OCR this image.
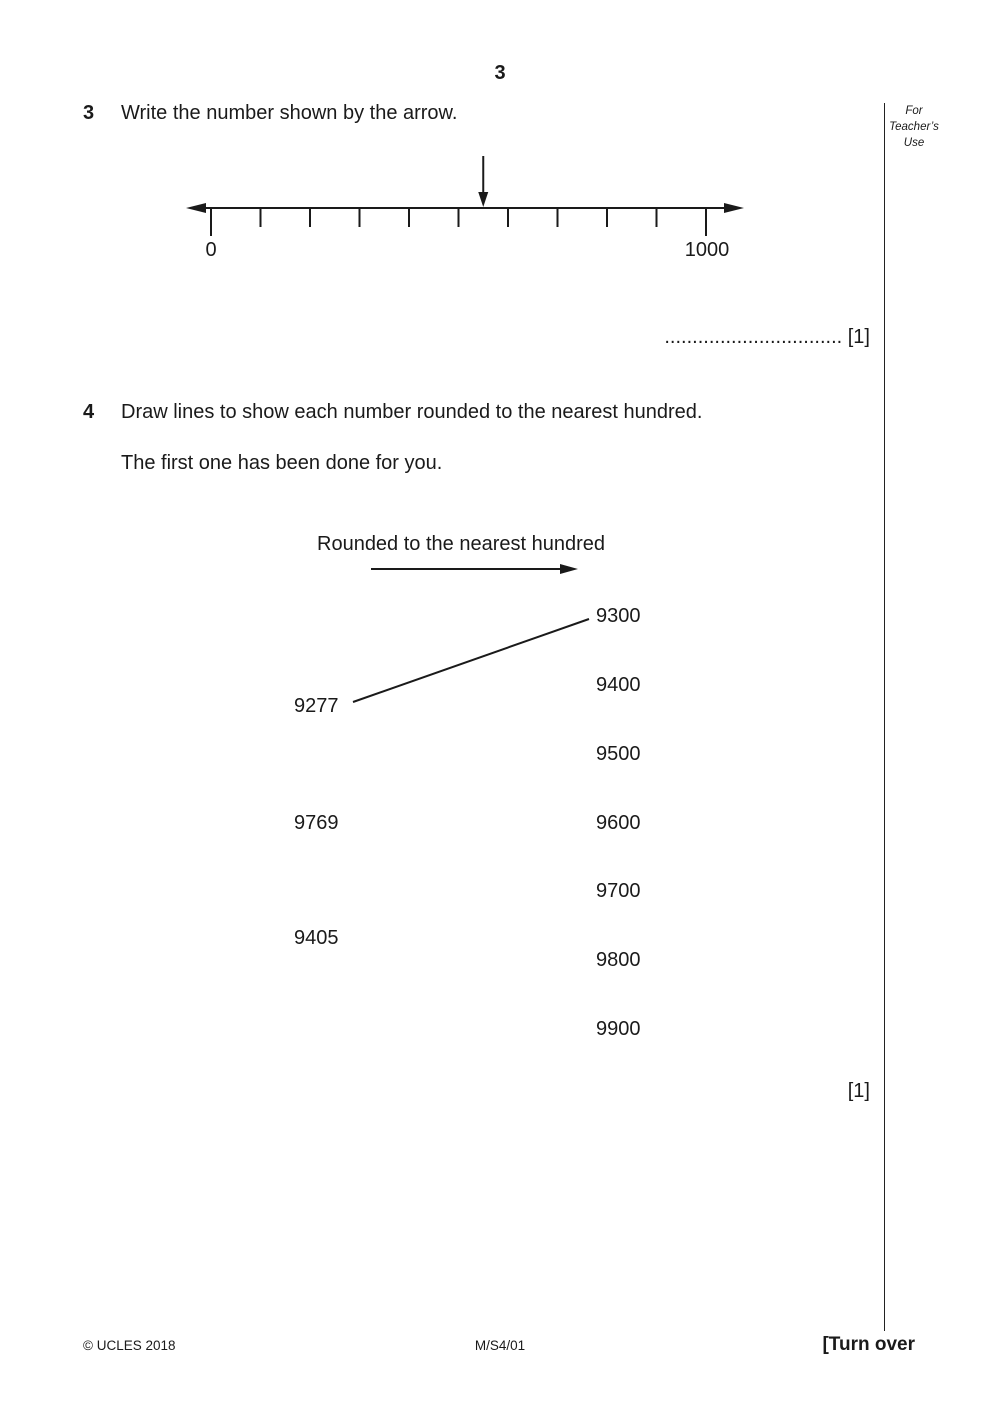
3
For
Teacher’s
Use
3 Write the number shown by the arrow.
0	1000
................................ [1]
4 Draw lines to show each number rounded to the nearest hundred.
The first one has been done for you.
Rounded to the nearest hundred
9277
9769
9405
9300
9400
9500
9600
9700
9800
9900
[1]
© UCLES 2018	M/S4/01	[Turn over
